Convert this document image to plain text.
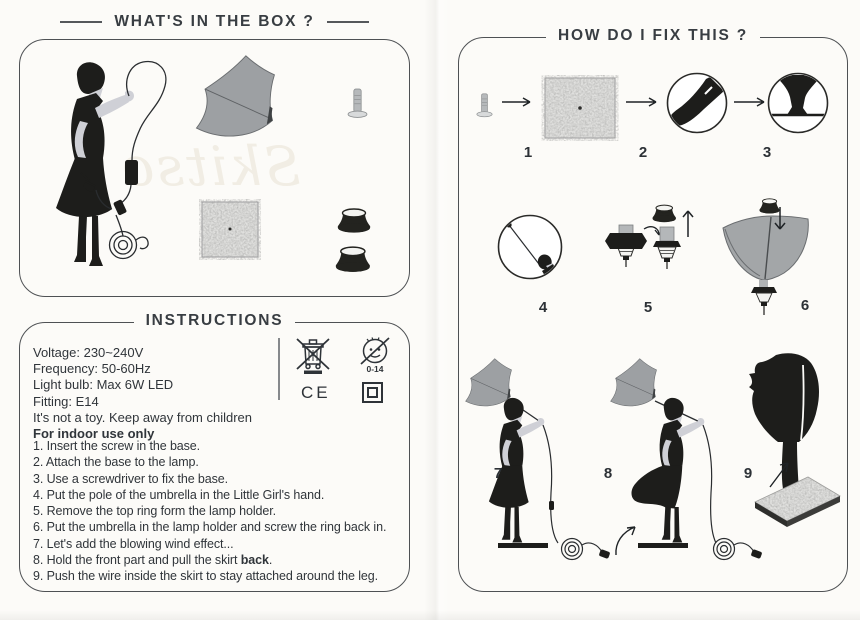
Skitso
WHAT'S IN THE BOX ?
INSTRUCTIONS
Voltage: 230~240V
Frequency: 50-60Hz
Light bulb: Max 6W LED
Fitting: E14
It's not a toy. Keep away from children
For indoor use only
0-14
CE
1. Insert the screw in the base.
2. Attach the base to the lamp.
3. Use a screwdriver to fix the base.
4. Put the pole of the umbrella in the Little Girl's hand.
5. Remove the top ring form the lamp holder.
6. Put the umbrella in the lamp holder and screw the ring back in.
7. Let's add the blowing wind effect...
8. Hold the front part and pull the skirt back.
9. Push the wire inside the skirt to stay attached around the leg.
HOW DO I FIX THIS ?
1	2	3
4	5	6
7	8	9
